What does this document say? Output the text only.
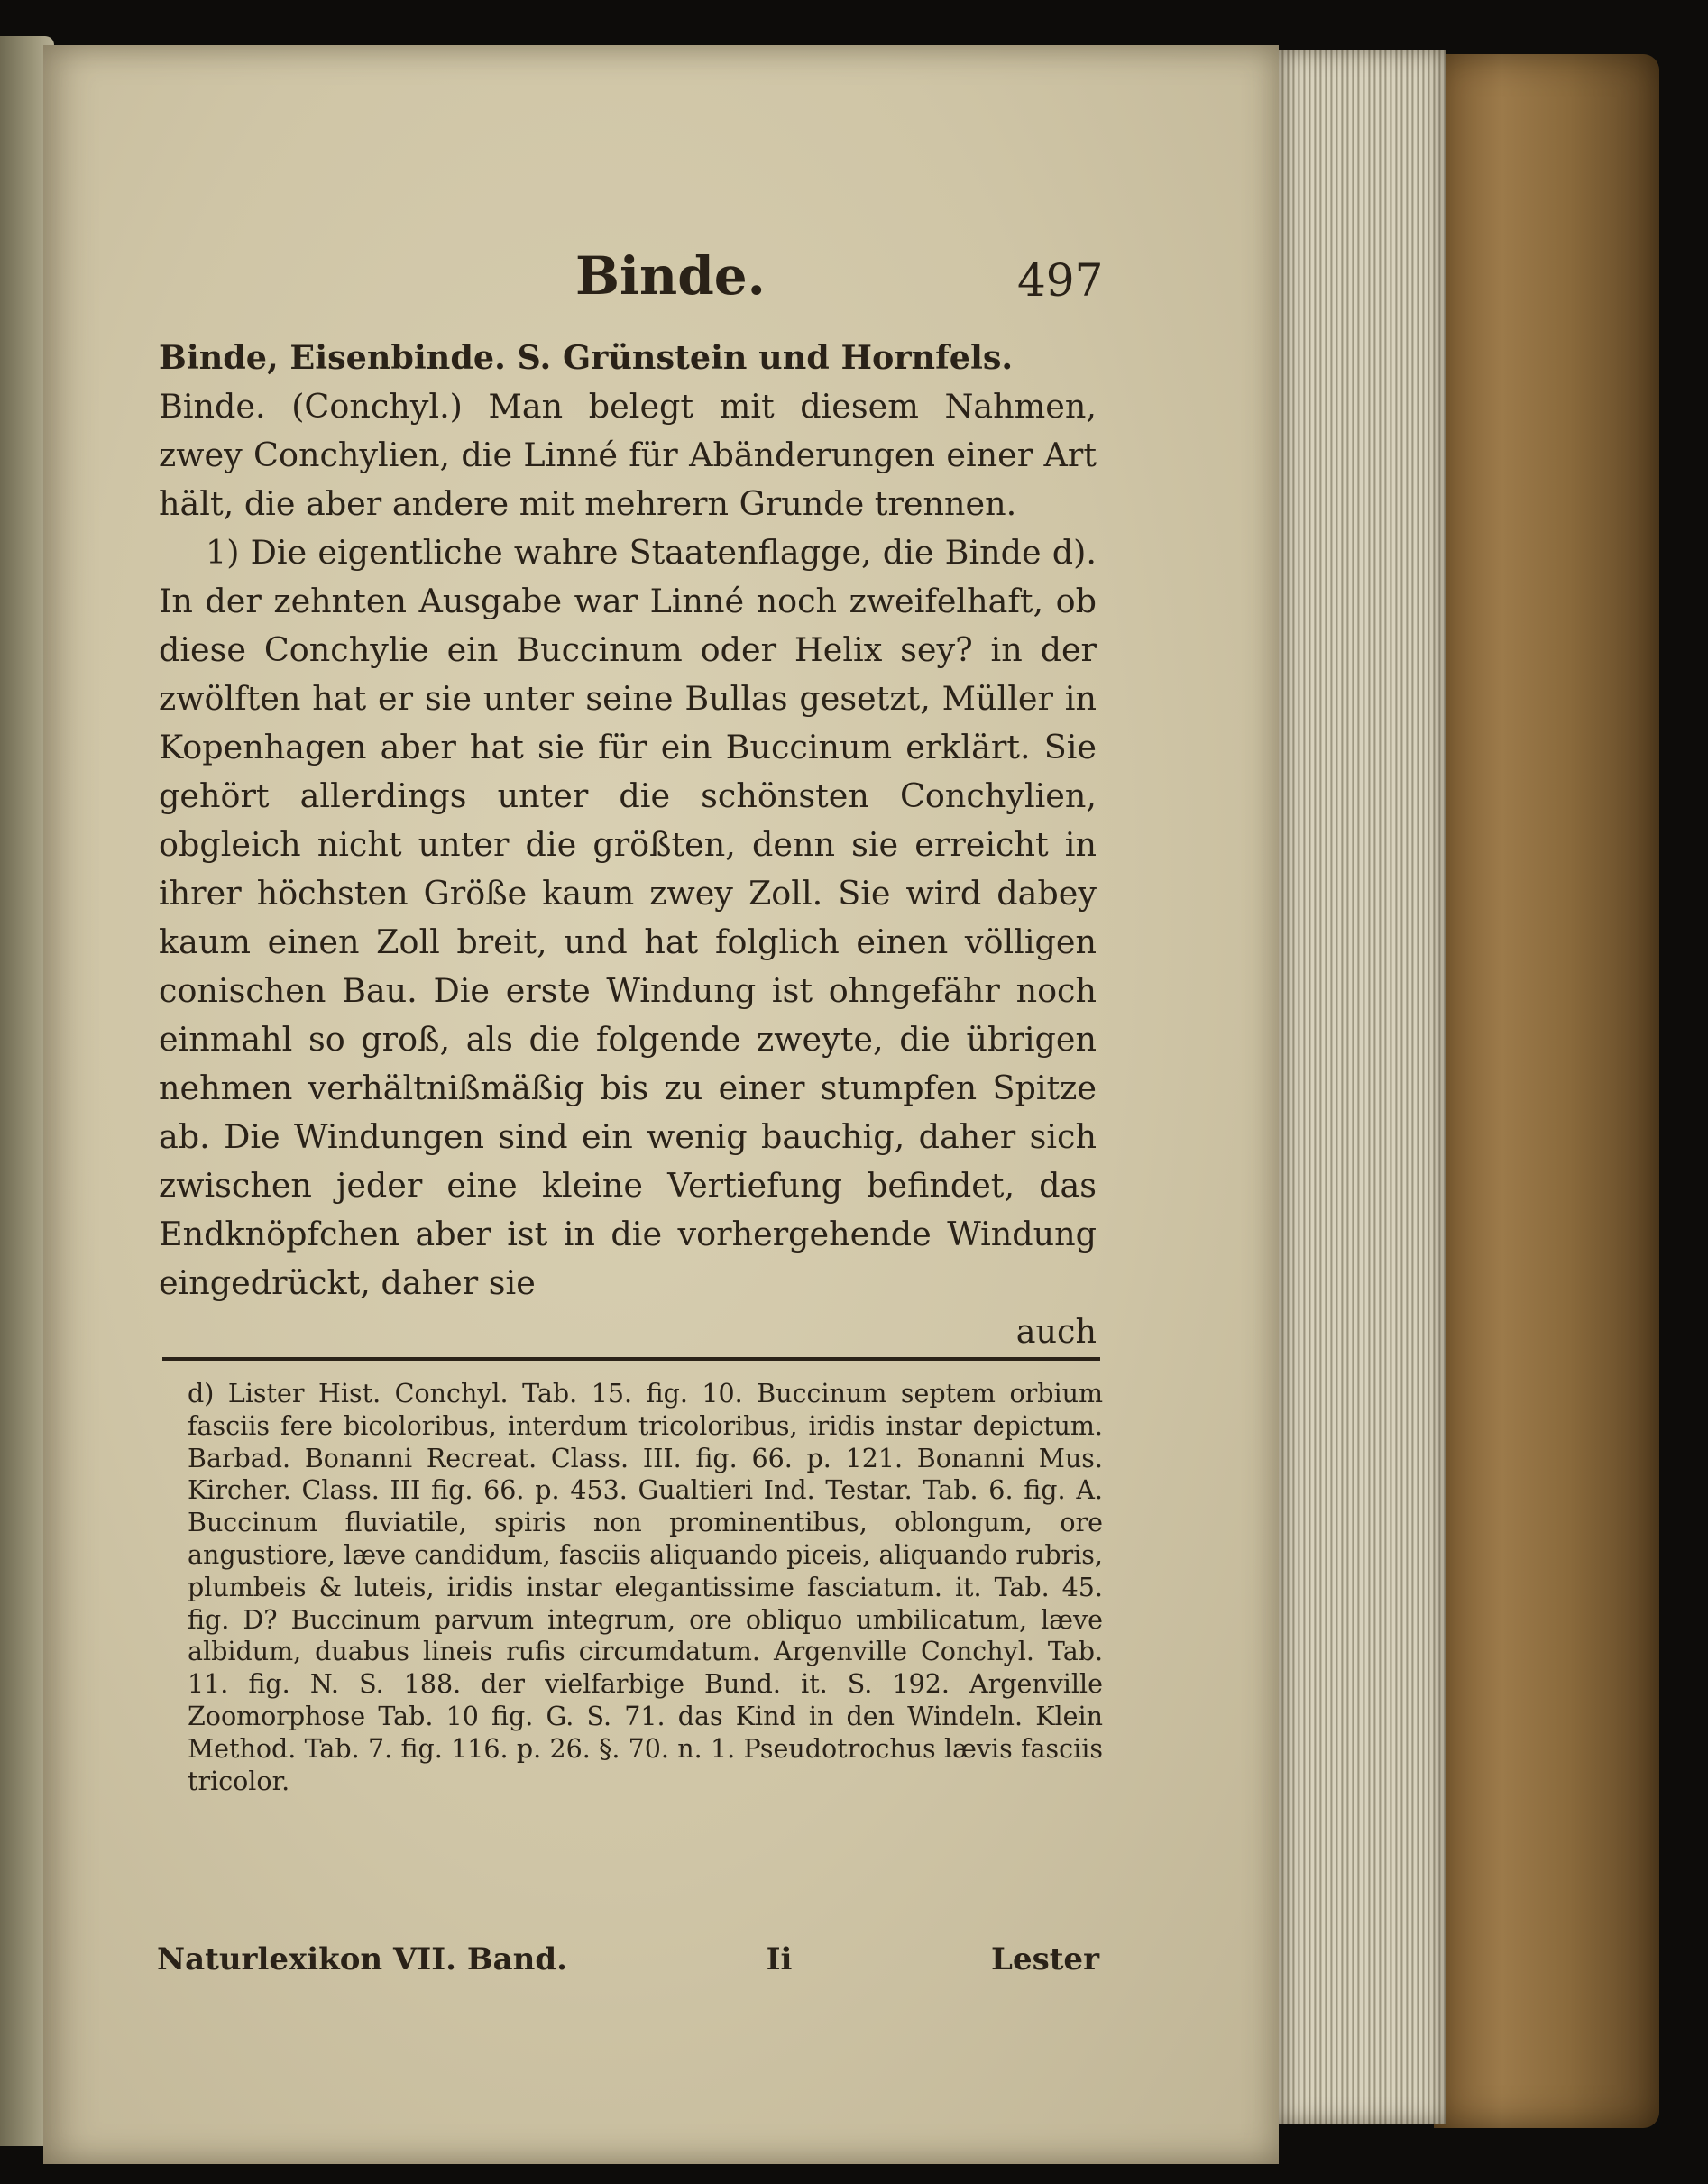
Binde.	497

Binde, Eisenbinde. S. Grünstein und Hornfels.

Binde. (Conchyl.) Man belegt mit diesem Nahmen, zwey Conchylien, die Linné für Abänderungen einer Art hält, die aber andere mit mehrern Grunde trennen.

1) Die eigentliche wahre Staatenflagge, die Binde d). In der zehnten Ausgabe war Linné noch zweifelhaft, ob diese Conchylie ein Buccinum oder Helix sey? in der zwölften hat er sie unter seine Bullas gesetzt, Müller in Kopenhagen aber hat sie für ein Buccinum erklärt. Sie gehört allerdings unter die schönsten Conchylien, obgleich nicht unter die größten, denn sie erreicht in ihrer höchsten Größe kaum zwey Zoll. Sie wird dabey kaum einen Zoll breit, und hat folglich einen völligen conischen Bau. Die erste Windung ist ohngefähr noch einmahl so groß, als die folgende zweyte, die übrigen nehmen verhältnißmäßig bis zu einer stumpfen Spitze ab. Die Windungen sind ein wenig bauchig, daher sich zwischen jeder eine kleine Vertiefung befindet, das Endknöpfchen aber ist in die vorhergehende Windung eingedrückt, daher sie

auch

d) Lister Hist. Conchyl. Tab. 15. fig. 10. Buccinum septem orbium fasciis fere bicoloribus, interdum tricoloribus, iridis instar depictum. Barbad. Bonanni Recreat. Class. III. fig. 66. p. 121. Bonanni Mus. Kircher. Class. III fig. 66. p. 453. Gualtieri Ind. Testar. Tab. 6. fig. A. Buccinum fluviatile, spiris non prominentibus, oblongum, ore angustiore, læve candidum, fasciis aliquando piceis, aliquando rubris, plumbeis & luteis, iridis instar elegantissime fasciatum. it. Tab. 45. fig. D? Buccinum parvum integrum, ore obliquo umbilicatum, læve albidum, duabus lineis rufis circumdatum. Argenville Conchyl. Tab. 11. fig. N. S. 188. der vielfarbige Bund. it. S. 192. Argenville Zoomorphose Tab. 10 fig. G. S. 71. das Kind in den Windeln. Klein Method. Tab. 7. fig. 116. p. 26. §. 70. n. 1. Pseudotrochus lævis fasciis tricolor.

Naturlexikon VII. Band.	Ii	Lester
